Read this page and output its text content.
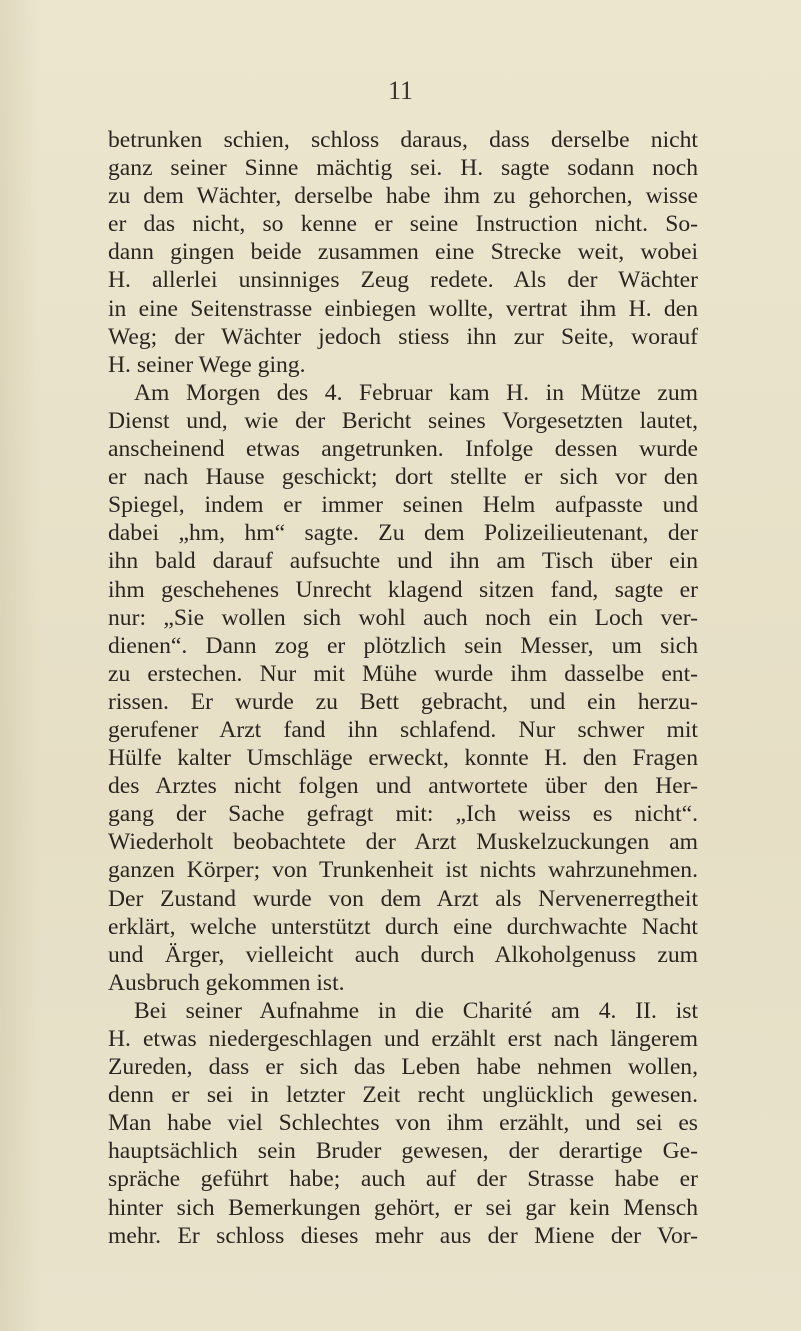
11
betrunken schien, schloss daraus, dass derselbe nicht
ganz seiner Sinne mächtig sei. H. sagte sodann noch
zu dem Wächter, derselbe habe ihm zu gehorchen, wisse
er das nicht, so kenne er seine Instruction nicht. So-
dann gingen beide zusammen eine Strecke weit, wobei
H. allerlei unsinniges Zeug redete. Als der Wächter
in eine Seitenstrasse einbiegen wollte, vertrat ihm H. den
Weg; der Wächter jedoch stiess ihn zur Seite, worauf
H. seiner Wege ging.
Am Morgen des 4. Februar kam H. in Mütze zum
Dienst und, wie der Bericht seines Vorgesetzten lautet,
anscheinend etwas angetrunken. Infolge dessen wurde
er nach Hause geschickt; dort stellte er sich vor den
Spiegel, indem er immer seinen Helm aufpasste und
dabei „hm, hm“ sagte. Zu dem Polizeilieutenant, der
ihn bald darauf aufsuchte und ihn am Tisch über ein
ihm geschehenes Unrecht klagend sitzen fand, sagte er
nur: „Sie wollen sich wohl auch noch ein Loch ver-
dienen“. Dann zog er plötzlich sein Messer, um sich
zu erstechen. Nur mit Mühe wurde ihm dasselbe ent-
rissen. Er wurde zu Bett gebracht, und ein herzu-
gerufener Arzt fand ihn schlafend. Nur schwer mit
Hülfe kalter Umschläge erweckt, konnte H. den Fragen
des Arztes nicht folgen und antwortete über den Her-
gang der Sache gefragt mit: „Ich weiss es nicht“.
Wiederholt beobachtete der Arzt Muskelzuckungen am
ganzen Körper; von Trunkenheit ist nichts wahrzunehmen.
Der Zustand wurde von dem Arzt als Nervenerregtheit
erklärt, welche unterstützt durch eine durchwachte Nacht
und Ärger, vielleicht auch durch Alkoholgenuss zum
Ausbruch gekommen ist.
Bei seiner Aufnahme in die Charité am 4. II. ist
H. etwas niedergeschlagen und erzählt erst nach längerem
Zureden, dass er sich das Leben habe nehmen wollen,
denn er sei in letzter Zeit recht unglücklich gewesen.
Man habe viel Schlechtes von ihm erzählt, und sei es
hauptsächlich sein Bruder gewesen, der derartige Ge-
spräche geführt habe; auch auf der Strasse habe er
hinter sich Bemerkungen gehört, er sei gar kein Mensch
mehr. Er schloss dieses mehr aus der Miene der Vor-
